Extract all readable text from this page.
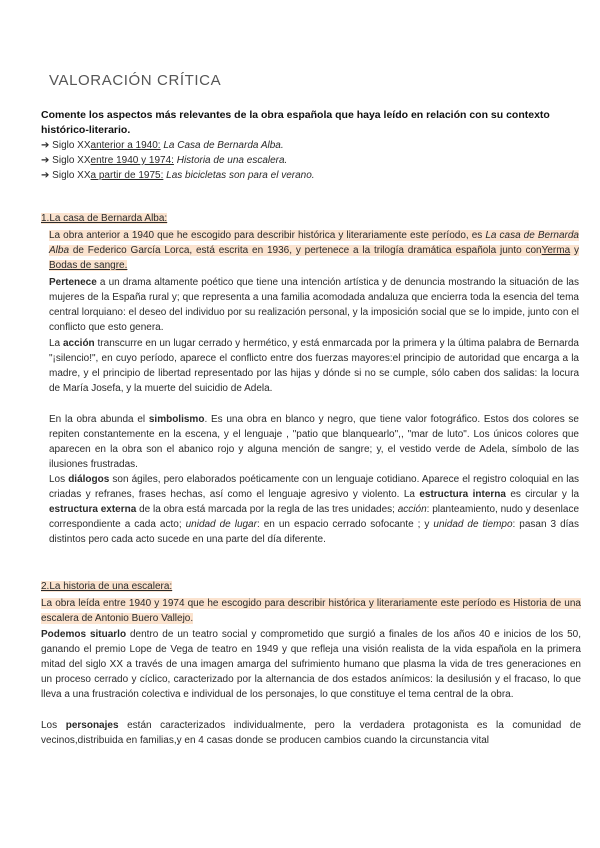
VALORACIÓN CRÍTICA
Comente los aspectos más relevantes de la obra española que haya leído en relación con su contexto histórico-literario.
➔ Siglo XXanterior a 1940: La Casa de Bernarda Alba.
➔ Siglo XXentre 1940 y 1974: Historia de una escalera.
➔ Siglo XXa partir de 1975: Las bicicletas son para el verano.
1.La casa de Bernarda Alba:
La obra anterior a 1940 que he escogido para describir histórica y literariamente este período, es La casa de Bernarda Alba de Federico García Lorca, está escrita en 1936, y pertenece a la trilogía dramática española junto conYerma y Bodas de sangre.
Pertenece a un drama altamente poético que tiene una intención artística y de denuncia mostrando la situación de las mujeres de la España rural y; que representa a una familia acomodada andaluza que encierra toda la esencia del tema central lorquiano: el deseo del individuo por su realización personal, y la imposición social que se lo impide, junto con el conflicto que esto genera.
La acción transcurre en un lugar cerrado y hermético, y está enmarcada por la primera y la última palabra de Bernarda "¡silencio!", en cuyo período, aparece el conflicto entre dos fuerzas mayores:el principio de autoridad que encarga a la madre, y el principio de libertad representado por las hijas y dónde si no se cumple, sólo caben dos salidas: la locura de María Josefa, y la muerte del suicidio de Adela.
En la obra abunda el simbolismo. Es una obra en blanco y negro, que tiene valor fotográfico. Estos dos colores se repiten constantemente en la escena, y el lenguaje , "patio que blanquearlo",, "mar de luto". Los únicos colores que aparecen en la obra son el abanico rojo y alguna mención de sangre; y, el vestido verde de Adela, símbolo de las ilusiones frustradas.
Los diálogos son ágiles, pero elaborados poéticamente con un lenguaje cotidiano. Aparece el registro coloquial en las criadas y refranes, frases hechas, así como el lenguaje agresivo y violento. La estructura interna es circular y la estructura externa de la obra está marcada por la regla de las tres unidades; acción: planteamiento, nudo y desenlace correspondiente a cada acto; unidad de lugar: en un espacio cerrado sofocante ; y unidad de tiempo: pasan 3 días distintos pero cada acto sucede en una parte del día diferente.
2.La historia de una escalera:
La obra leída entre 1940 y 1974 que he escogido para describir histórica y literariamente este período es Historia de una escalera de Antonio Buero Vallejo.
Podemos situarlo dentro de un teatro social y comprometido que surgió a finales de los años 40 e inicios de los 50, ganando el premio Lope de Vega de teatro en 1949 y que refleja una visión realista de la vida española en la primera mitad del siglo XX a través de una imagen amarga del sufrimiento humano que plasma la vida de tres generaciones en un proceso cerrado y cíclico, caracterizado por la alternancia de dos estados anímicos: la desilusión y el fracaso, lo que lleva a una frustración colectiva e individual de los personajes, lo que constituye el tema central de la obra.
Los personajes están caracterizados individualmente, pero la verdadera protagonista es la comunidad de vecinos,distribuida en familias,y en 4 casas donde se producen cambios cuando la circunstancia vital
